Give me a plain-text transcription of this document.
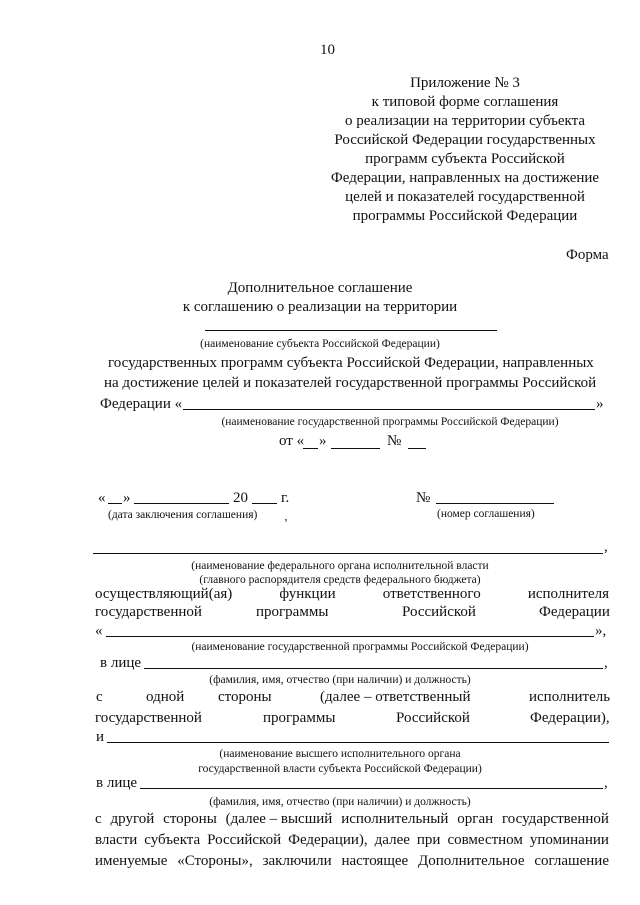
10
Приложение № 3
к типовой форме соглашения
о реализации на территории субъекта
Российской Федерации государственных
программ субъекта Российской
Федерации, направленных на достижение
целей и показателей государственной
программы Российской Федерации
Форма
Дополнительное соглашение
к соглашению о реализации на территории
(наименование субъекта Российской Федерации)
государственных программ субъекта Российской Федерации, направленных
на достижение целей и показателей государственной программы Российской
Федерации «	»
(наименование государственной программы Российской Федерации)
от « »	№
« »	20 г.	№
(дата заключения соглашения) ‚	(номер соглашения)
,
(наименование федерального органа исполнительной власти
(главного распорядителя средств федерального бюджета)
осуществляющий(ая)	функции	ответственного	исполнителя
государственной	программы	Российской	Федерации
«	»,
(наименование государственной программы Российской Федерации)
в лице	,
(фамилия, имя, отчество (при наличии) и должность)
с	одной стороны	(далее – ответственный	исполнитель
государственной	программы	Российской	Федерации),
и
(наименование высшего исполнительного органа
государственной власти субъекта Российской Федерации)
в лице	,
(фамилия, имя, отчество (при наличии) и должность)
с другой стороны (далее – высший исполнительный орган государственной
власти субъекта Российской Федерации), далее при совместном упоминании
именуемые «Стороны», заключили настоящее Дополнительное соглашение
